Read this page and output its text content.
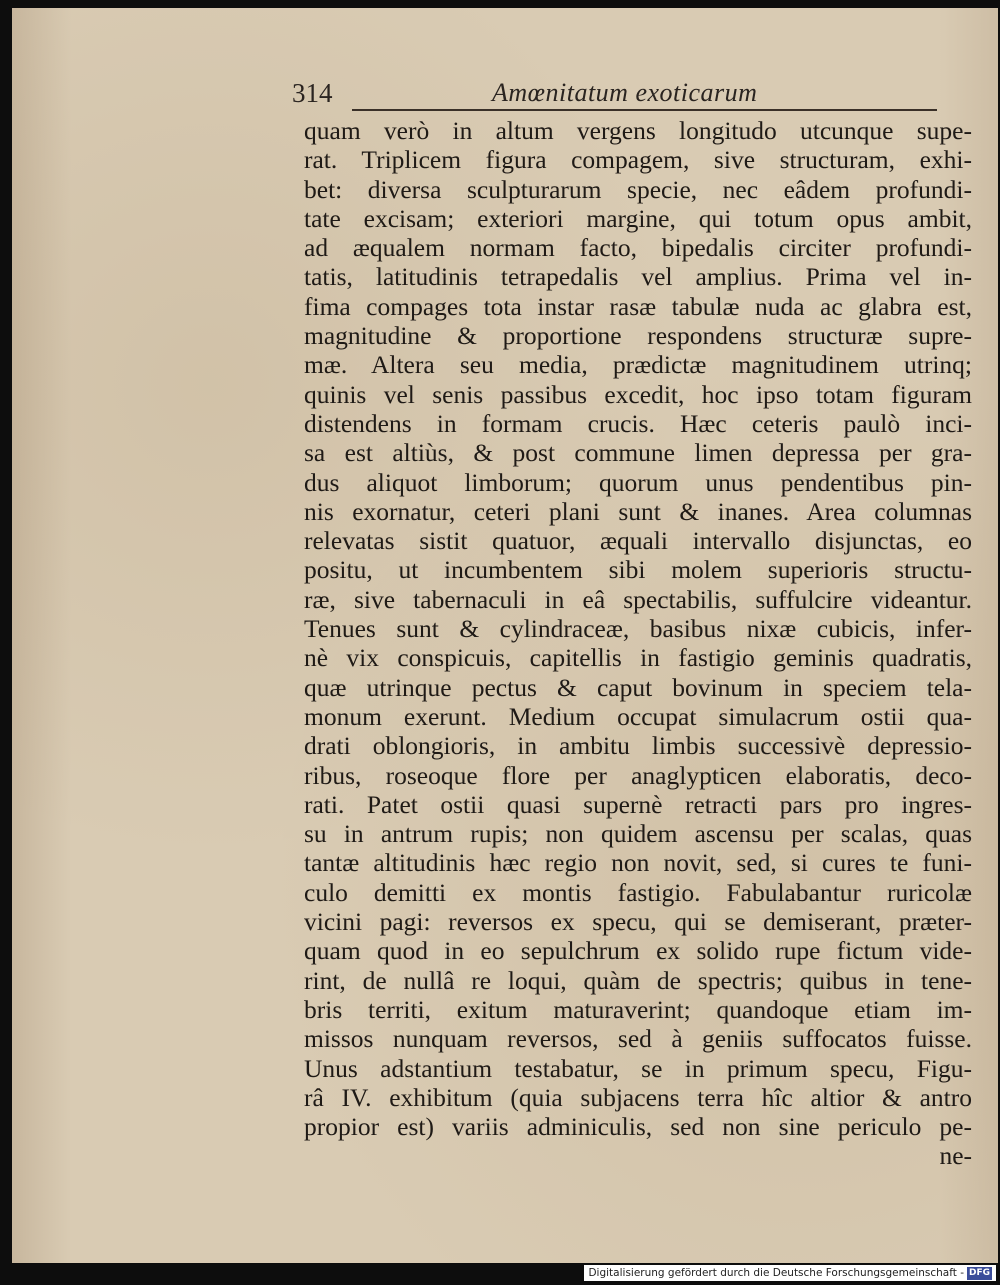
314	Amœnitatum exoticarum
quam verò in altum vergens longitudo utcunque supe-
rat. Triplicem figura compagem, sive structuram, exhi-
bet: diversa sculpturarum specie, nec eâdem profundi-
tate excisam; exteriori margine, qui totum opus ambit,
ad æqualem normam facto, bipedalis circiter profundi-
tatis, latitudinis tetrapedalis vel amplius. Prima vel in-
fima compages tota instar rasæ tabulæ nuda ac glabra est,
magnitudine & proportione respondens structuræ supre-
mæ. Altera seu media, prædictæ magnitudinem utrinq;
quinis vel senis passibus excedit, hoc ipso totam figuram
distendens in formam crucis. Hæc ceteris paulò inci-
sa est altiùs, & post commune limen depressa per gra-
dus aliquot limborum; quorum unus pendentibus pin-
nis exornatur, ceteri plani sunt & inanes. Area columnas
relevatas sistit quatuor, æquali intervallo disjunctas, eo
positu, ut incumbentem sibi molem superioris structu-
ræ, sive tabernaculi in eâ spectabilis, suffulcire videantur.
Tenues sunt & cylindraceæ, basibus nixæ cubicis, infer-
nè vix conspicuis, capitellis in fastigio geminis quadratis,
quæ utrinque pectus & caput bovinum in speciem tela-
monum exerunt. Medium occupat simulacrum ostii qua-
drati oblongioris, in ambitu limbis successivè depressio-
ribus, roseoque flore per anaglypticen elaboratis, deco-
rati. Patet ostii quasi supernè retracti pars pro ingres-
su in antrum rupis; non quidem ascensu per scalas, quas
tantæ altitudinis hæc regio non novit, sed, si cures te funi-
culo demitti ex montis fastigio. Fabulabantur ruricolæ
vicini pagi: reversos ex specu, qui se demiserant, præter-
quam quod in eo sepulchrum ex solido rupe fictum vide-
rint, de nullâ re loqui, quàm de spectris; quibus in tene-
bris territi, exitum maturaverint; quandoque etiam im-
missos nunquam reversos, sed à geniis suffocatos fuisse.
Unus adstantium testabatur, se in primum specu, Figu-
râ IV. exhibitum (quia subjacens terra hîc altior & antro
propior est) variis adminiculis, sed non sine periculo pe-
ne-
Digitalisierung gefördert durch die Deutsche Forschungsgemeinschaft - DFG
